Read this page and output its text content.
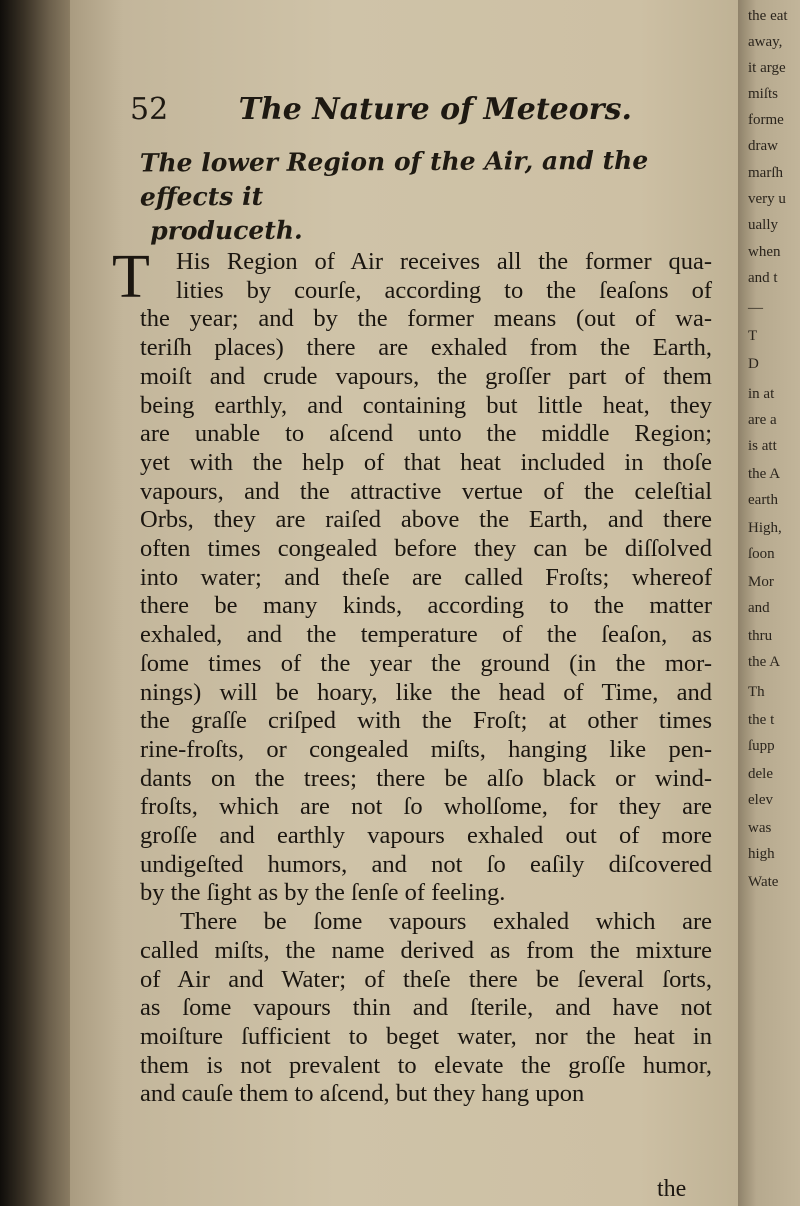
the eat
away,
it arge
miſts
forme
draw
marſh
very u
ually
when
and t
—
T
D
in at
are a
is att
the A
earth
High,
ſoon
Mor
and
thru
the A
Th
the t
ſupp
dele
elev
was
high
Wate
52 The Nature of Meteors.
The lower Region of the Air, and the effects it
produceth.
T	His Region of Air receives all the former qua-
lities by courſe, according to the ſeaſons of
the year; and by the former means (out of wa-
teriſh places) there are exhaled from the Earth,
moiſt and crude vapours, the groſſer part of them
being earthly, and containing but little heat, they
are unable to aſcend unto the middle Region;
yet with the help of that heat included in thoſe
vapours, and the attractive vertue of the celeſtial
Orbs, they are raiſed above the Earth, and there
often times congealed before they can be diſſolved
into water; and theſe are called Froſts; whereof
there be many kinds, according to the matter
exhaled, and the temperature of the ſeaſon, as
ſome times of the year the ground (in the mor-
nings) will be hoary, like the head of Time, and
the graſſe criſped with the Froſt; at other times
rine-froſts, or congealed miſts, hanging like pen-
dants on the trees; there be alſo black or wind-
froſts, which are not ſo wholſome, for they are
groſſe and earthly vapours exhaled out of more
undigeſted humors, and not ſo eaſily diſcovered
by the ſight as by the ſenſe of feeling.
There be ſome vapours exhaled which are
called miſts, the name derived as from the mixture
of Air and Water; of theſe there be ſeveral ſorts,
as ſome vapours thin and ſterile, and have not
moiſture ſufficient to beget water, nor the heat in
them is not prevalent to elevate the groſſe humor,
and cauſe them to aſcend, but they hang upon
the
